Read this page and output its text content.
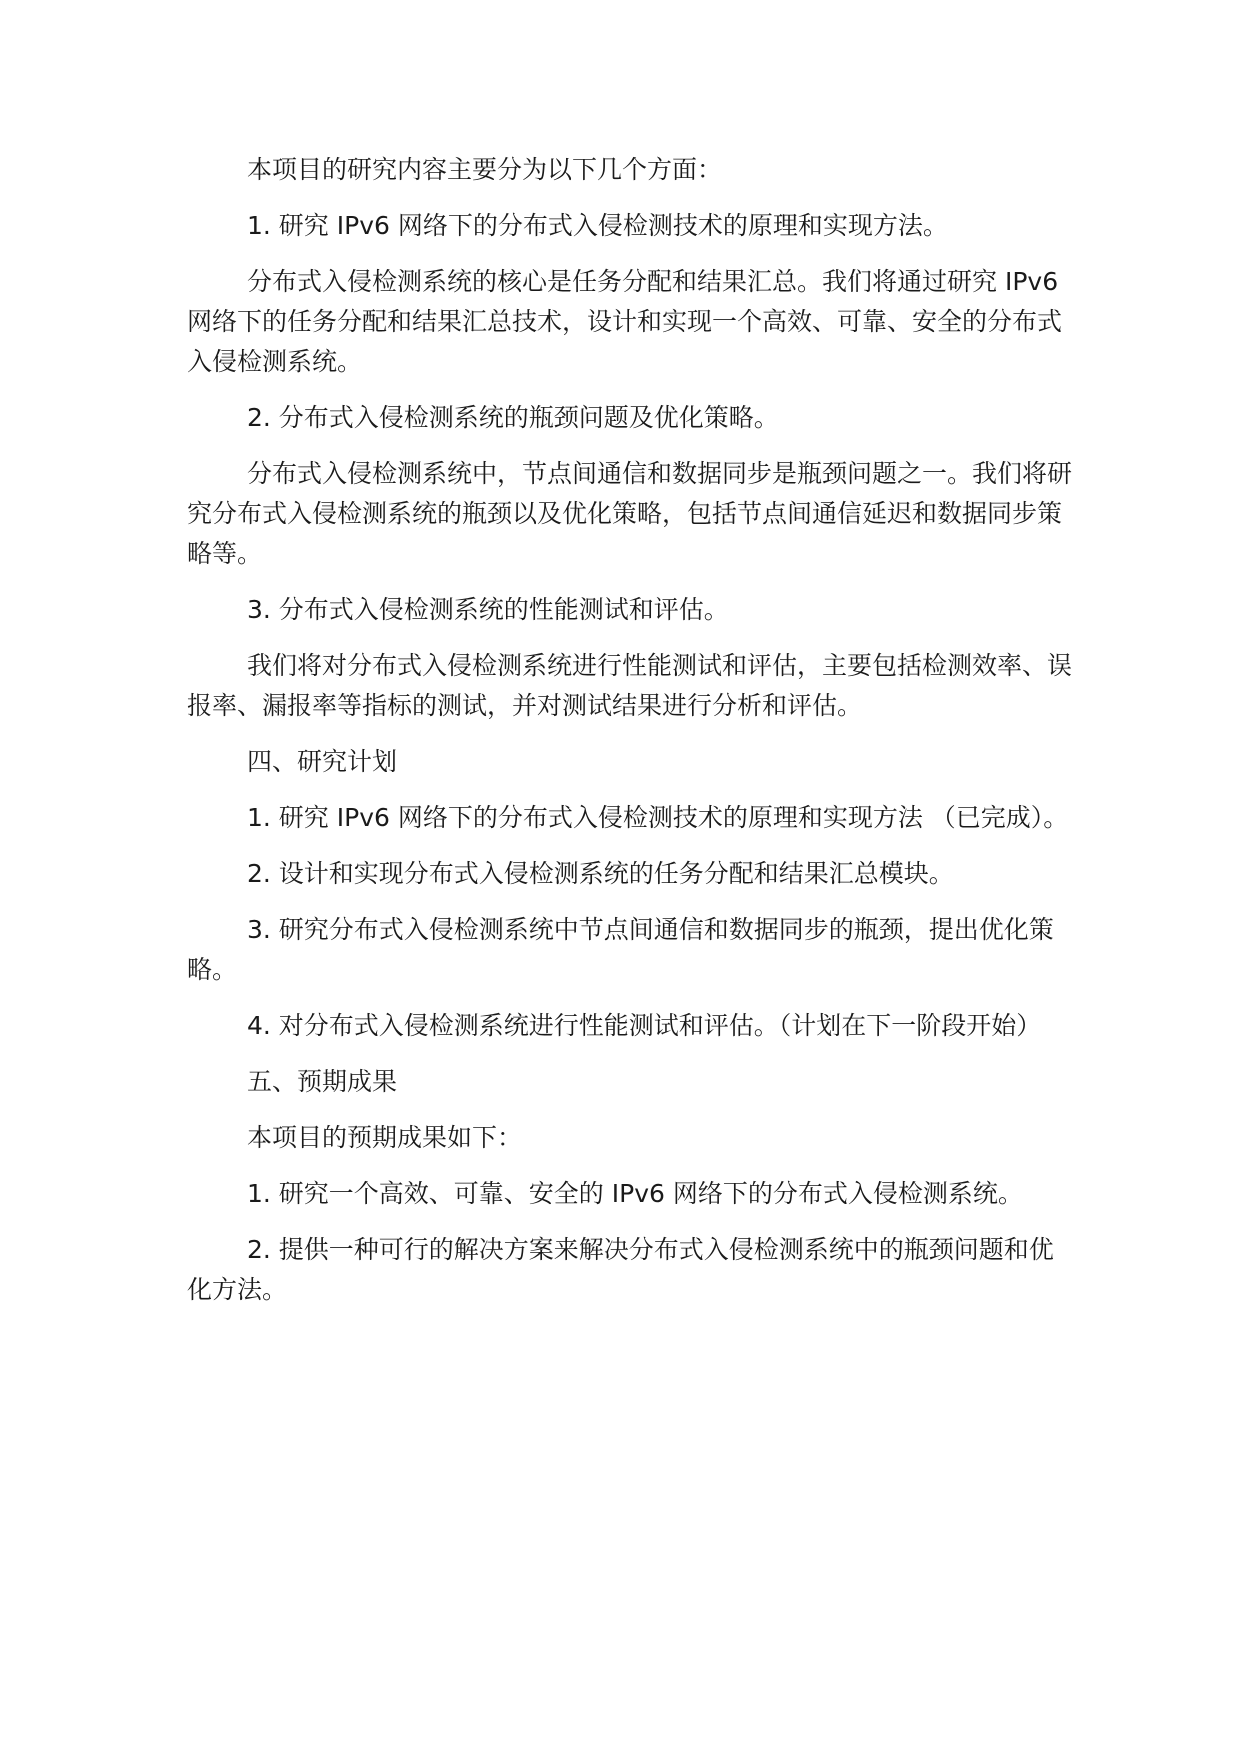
本项目的研究内容主要分为以下几个方面：

1. 研究 IPv6 网络下的分布式入侵检测技术的原理和实现方法。

分布式入侵检测系统的核心是任务分配和结果汇总。我们将通过研究 IPv6 网络下的任务分配和结果汇总技术，设计和实现一个高效、可靠、安全的分布式入侵检测系统。

2. 分布式入侵检测系统的瓶颈问题及优化策略。

分布式入侵检测系统中，节点间通信和数据同步是瓶颈问题之一。我们将研究分布式入侵检测系统的瓶颈以及优化策略，包括节点间通信延迟和数据同步策略等。

3. 分布式入侵检测系统的性能测试和评估。

我们将对分布式入侵检测系统进行性能测试和评估，主要包括检测效率、误报率、漏报率等指标的测试，并对测试结果进行分析和评估。

四、研究计划

1. 研究 IPv6 网络下的分布式入侵检测技术的原理和实现方法 （已完成）。

2. 设计和实现分布式入侵检测系统的任务分配和结果汇总模块。

3. 研究分布式入侵检测系统中节点间通信和数据同步的瓶颈，提出优化策略。

4. 对分布式入侵检测系统进行性能测试和评估。（计划在下一阶段开始）

五、预期成果

本项目的预期成果如下：

1. 研究一个高效、可靠、安全的 IPv6 网络下的分布式入侵检测系统。

2. 提供一种可行的解决方案来解决分布式入侵检测系统中的瓶颈问题和优化方法。
